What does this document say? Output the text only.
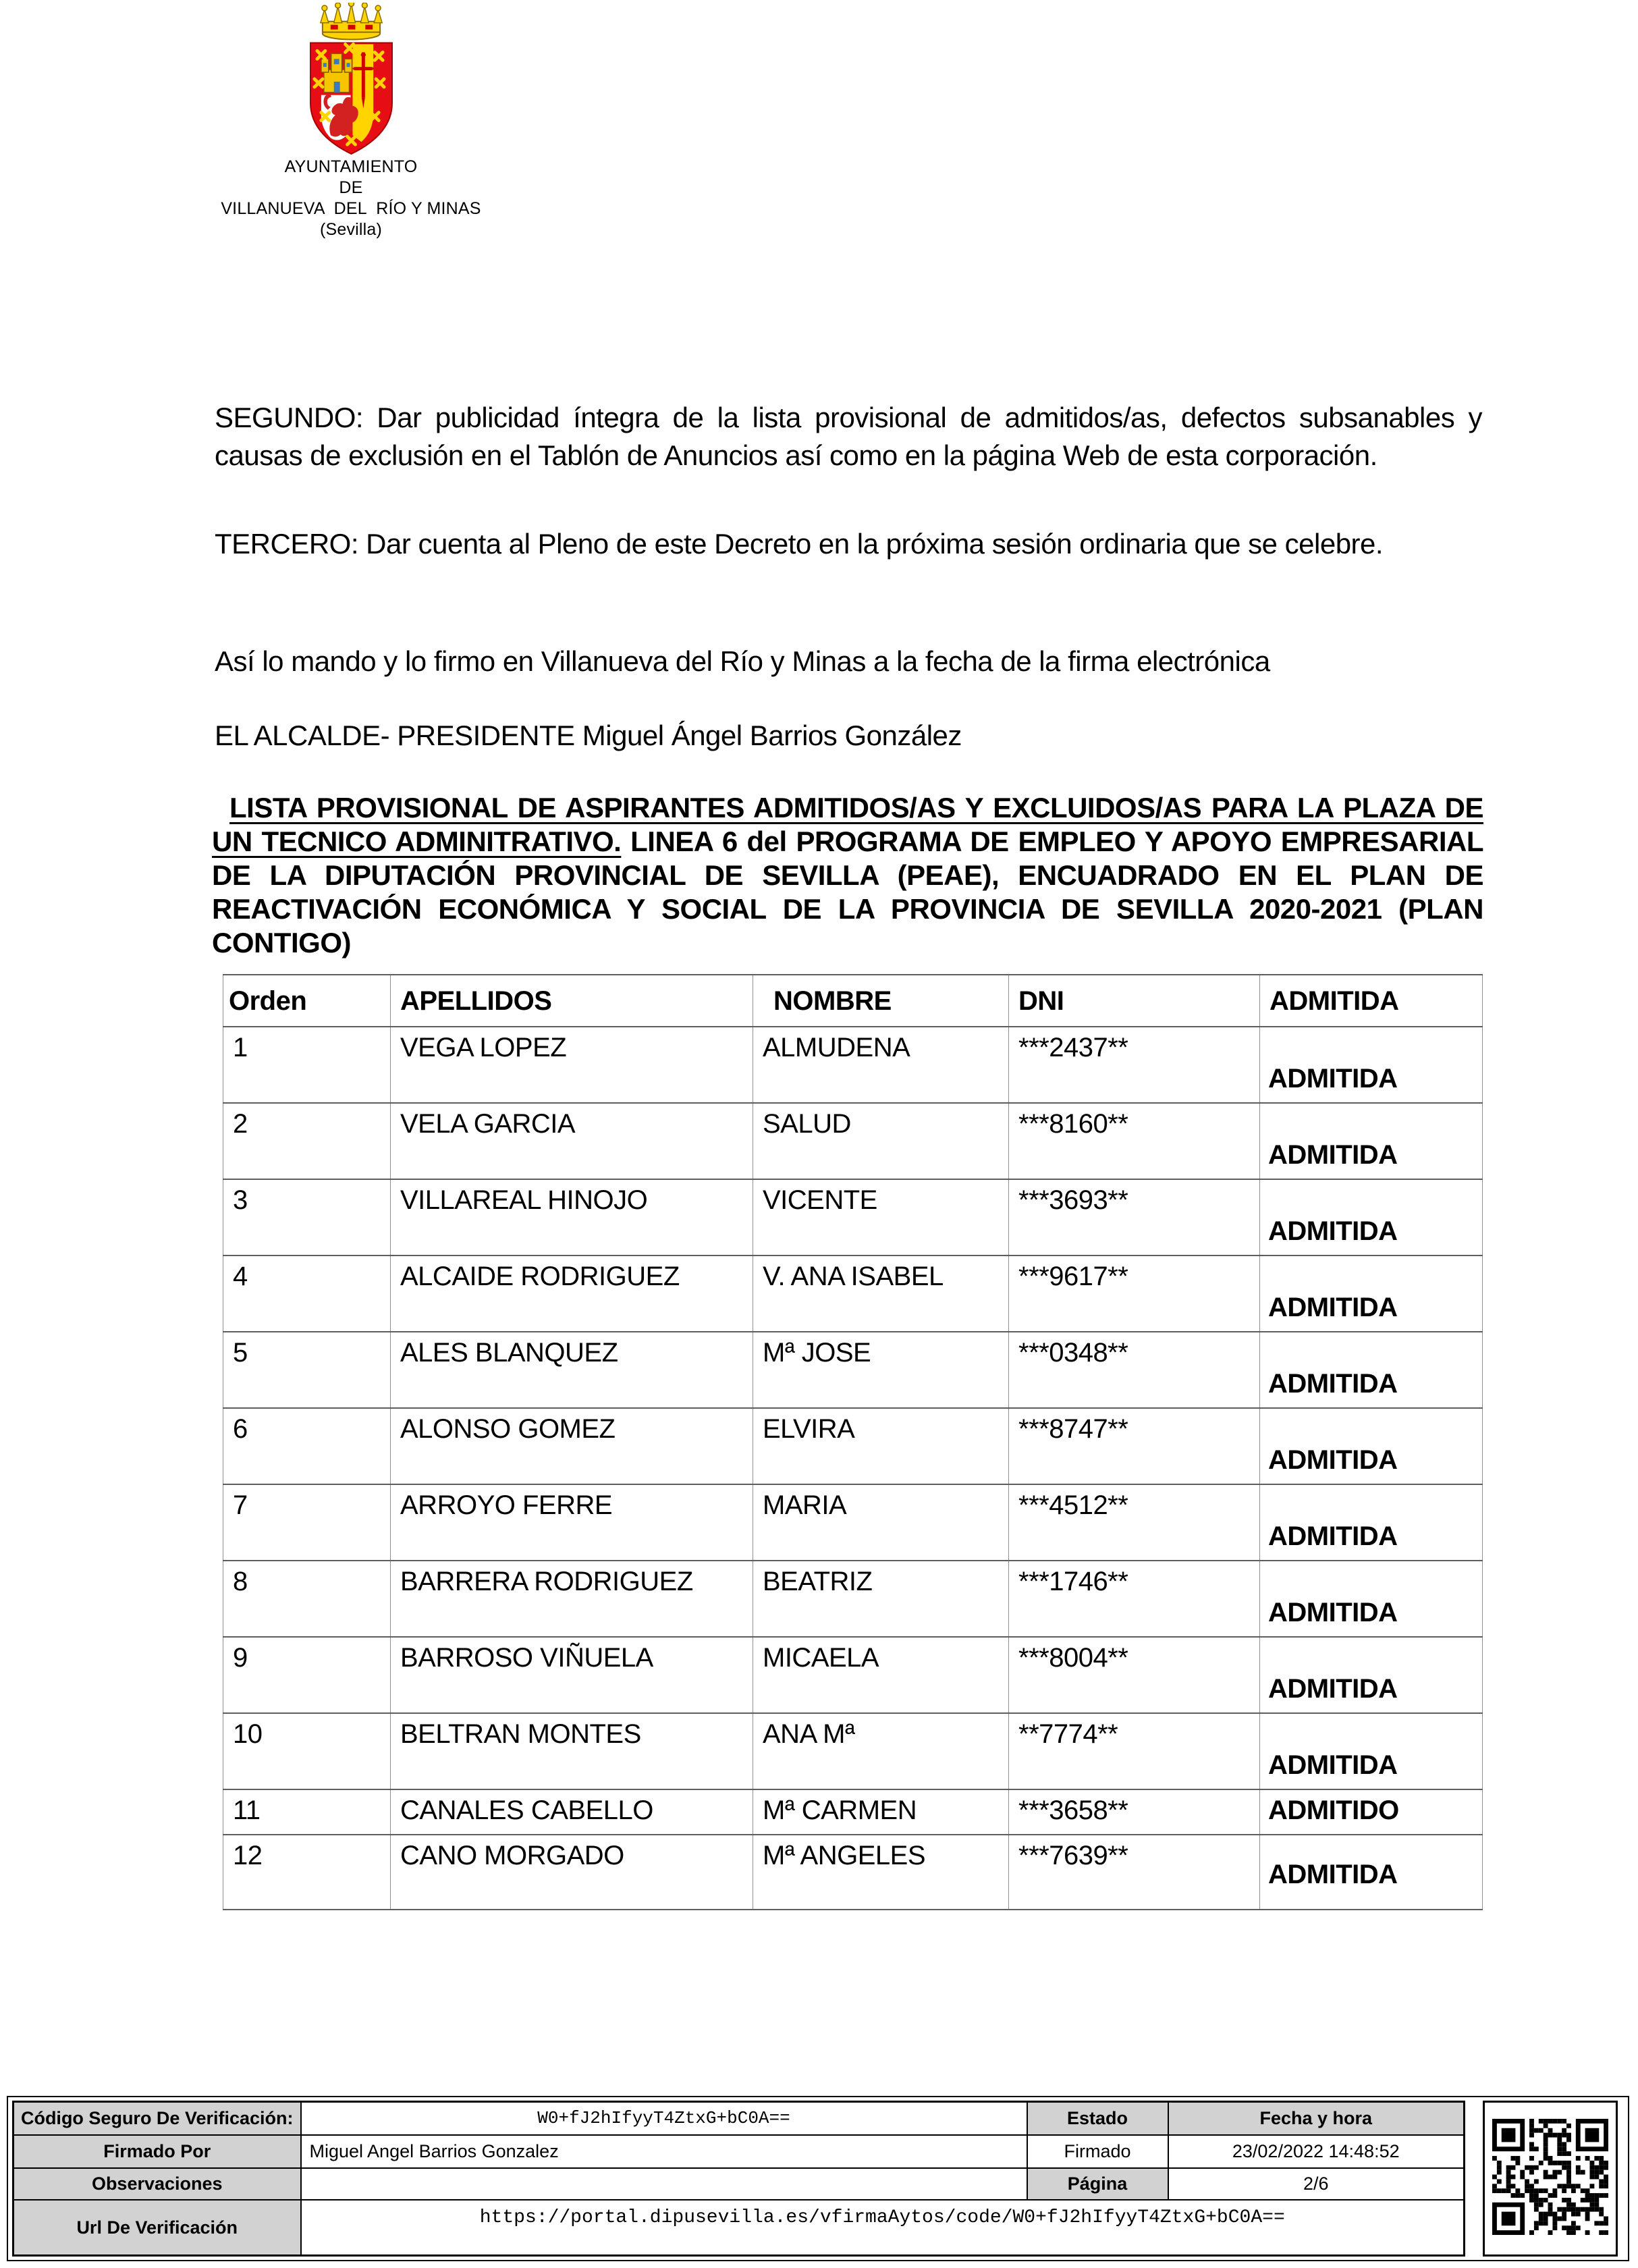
AYUNTAMIENTO
DE
VILLANUEVA  DEL  RÍO Y MINAS
(Sevilla)
SEGUNDO: Dar publicidad íntegra de la lista provisional de admitidos/as, defectos subsanables y causas de exclusión en el Tablón de Anuncios así como en la página Web de esta corporación.
TERCERO: Dar cuenta al Pleno de este Decreto en la próxima sesión ordinaria que se celebre.
Así lo mando y lo firmo en Villanueva del Río y Minas a la fecha de la firma electrónica
EL ALCALDE- PRESIDENTE Miguel Ángel Barrios González
LISTA PROVISIONAL DE ASPIRANTES ADMITIDOS/AS Y EXCLUIDOS/AS PARA LA PLAZA DE UN TECNICO ADMINITRATIVO. LINEA 6 del PROGRAMA DE EMPLEO Y APOYO EMPRESARIAL DE LA DIPUTACIÓN PROVINCIAL DE SEVILLA (PEAE), ENCUADRADO EN EL PLAN DE REACTIVACIÓN ECONÓMICA Y SOCIAL DE LA PROVINCIA DE SEVILLA 2020-2021 (PLAN CONTIGO)
Orden	APELLIDOS	NOMBRE	DNI	ADMITIDA
1	VEGA LOPEZ	ALMUDENA	***2437**	ADMITIDA
2	VELA GARCIA	SALUD	***8160**	ADMITIDA
3	VILLAREAL HINOJO	VICENTE	***3693**	ADMITIDA
4	ALCAIDE RODRIGUEZ	V. ANA ISABEL	***9617**	ADMITIDA
5	ALES BLANQUEZ	Mª JOSE	***0348**	ADMITIDA
6	ALONSO GOMEZ	ELVIRA	***8747**	ADMITIDA
7	ARROYO FERRE	MARIA	***4512**	ADMITIDA
8	BARRERA RODRIGUEZ	BEATRIZ	***1746**	ADMITIDA
9	BARROSO VIÑUELA	MICAELA	***8004**	ADMITIDA
10	BELTRAN MONTES	ANA Mª	**7774**	ADMITIDA
11	CANALES CABELLO	Mª CARMEN	***3658**	ADMITIDO
12	CANO MORGADO	Mª ANGELES	***7639**	ADMITIDA
Código Seguro De Verificación:	W0+fJ2hIfyyT4ZtxG+bC0A==	Estado	Fecha y hora
Firmado Por	Miguel Angel Barrios Gonzalez	Firmado	23/02/2022 14:48:52
Observaciones		Página	2/6
Url De Verificación	https://portal.dipusevilla.es/vfirmaAytos/code/W0+fJ2hIfyyT4ZtxG+bC0A==		
